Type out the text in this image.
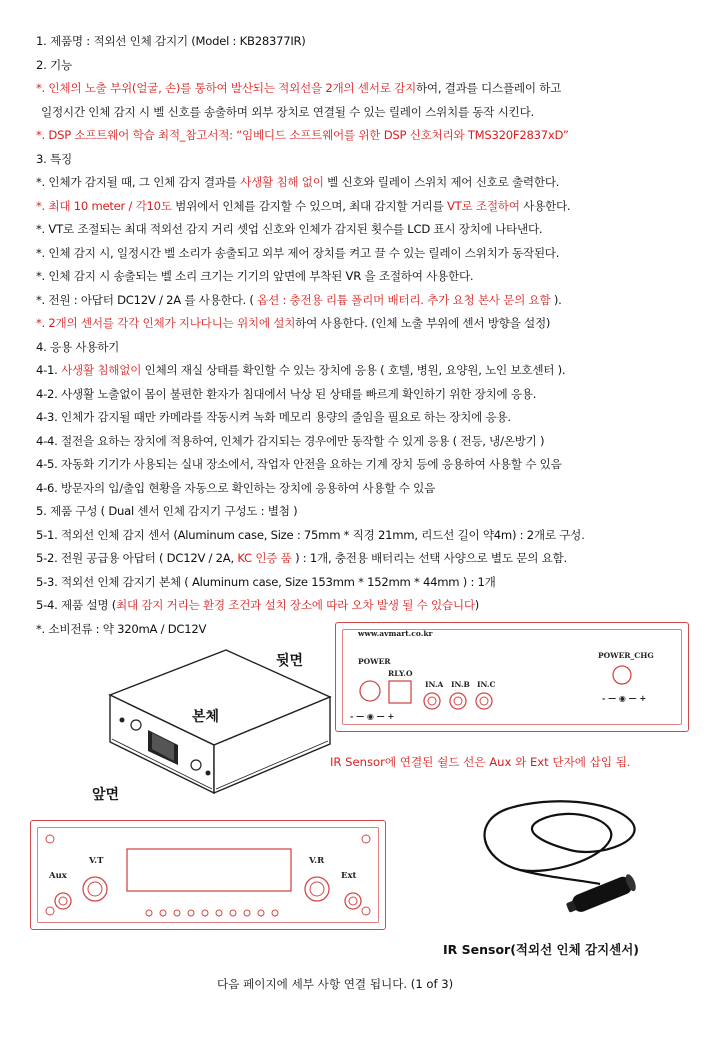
1. 제품명 : 적외선 인체 감지기 (Model : KB28377IR)
2. 기능
*. 인체의 노출 부위(얼굴, 손)를 통하여 발산되는 적외선을 2개의 센서로 감지하여, 결과를 디스플레이 하고
일정시간 인체 감지 시 벨 신호를 송출하며 외부 장치로 연결될 수 있는 릴레이 스위치를 동작 시킨다.
*. DSP 소프트웨어 학습 최적_참고서적: “임베디드 소프트웨어를 위한 DSP 신호처리와 TMS320F2837xD”
3. 특징
*. 인체가 감지될 때, 그 인체 감지 결과를 사생활 침해 없이 벨 신호와 릴레이 스위치 제어 신호로 출력한다.
*. 최대 10 meter / 각10도 범위에서 인체를 감지할 수 있으며, 최대 감지할 거리를 VT로 조절하여 사용한다.
*. VT로 조절되는 최대 적외선 감지 거리 셋업 신호와 인체가 감지된 횟수를 LCD 표시 장치에 나타낸다.
*. 인체 감지 시, 일정시간 벨 소리가 송출되고 외부 제어 장치를 켜고 끌 수 있는 릴레이 스위치가 동작된다.
*. 인체 감지 시 송출되는 벨 소리 크기는 기기의 앞면에 부착된 VR 을 조절하여 사용한다.
*. 전원 : 아답터 DC12V / 2A 를 사용한다. ( 옵션 : 충전용 리튬 폴리머 배터리. 추가 요청 본사 문의 요함 ).
*. 2개의 센서를 각각 인체가 지나다니는 위치에 설치하여 사용한다. (인체 노출 부위에 센서 방향을 설정)
4. 응용 사용하기
4-1. 사생활 침해없이 인체의 재실 상태를 확인할 수 있는 장치에 응용 ( 호텔, 병원, 요양원, 노인 보호센터 ).
4-2. 사생활 노출없이 몸이 불편한 환자가 침대에서 낙상 된 상태를 빠르게 확인하기 위한 장치에 응용.
4-3. 인체가 감지될 때만 카메라를 작동시켜 녹화 메모리 용량의 줄임을 필요로 하는 장치에 응용.
4-4. 절전을 요하는 장치에 적용하여, 인체가 감지되는 경우에만 동작할 수 있게 응용 ( 전등, 냉/온방기 )
4-5. 자동화 기기가 사용되는 실내 장소에서, 작업자 안전을 요하는 기계 장치 등에 응용하여 사용할 수 있음
4-6. 방문자의 입/출입 현황을 자동으로 확인하는 장치에 응용하여 사용할 수 있음
5. 제품 구성 ( Dual 센서 인체 감지기 구성도 : 별첨 )
5-1. 적외선 인체 감지 센서 (Aluminum case, Size : 75mm * 직경 21mm, 리드선 길이 약4m) : 2개로 구성.
5-2. 전원 공급용 아답터 ( DC12V / 2A, KC 인증 품 ) : 1개, 충전용 배터리는 선택 사양으로 별도 문의 요함.
5-3. 적외선 인체 감지기 본체 ( Aluminum case, Size 153mm * 152mm * 44mm ) : 1개
5-4. 제품 설명 (최대 감지 거리는 환경 조건과 설치 장소에 따라 오차 발생 될 수 있습니다)
*. 소비전류 : 약 320mA / DC12V
뒷면
본체
앞면
www.avmart.co.kr
POWER
RLY.O
IN.A IN.B IN.C
POWER_CHG
- — ◉ — +
- — ◉ — +
IR Sensor에 연결된 쉴드 선은 Aux 와 Ext 단자에 삽입 됨.
Aux
V.T	V.R
Ext
IR Sensor(적외선 인체 감지센서)
다음 페이지에 세부 사항 연결 됩니다. (1 of 3)
